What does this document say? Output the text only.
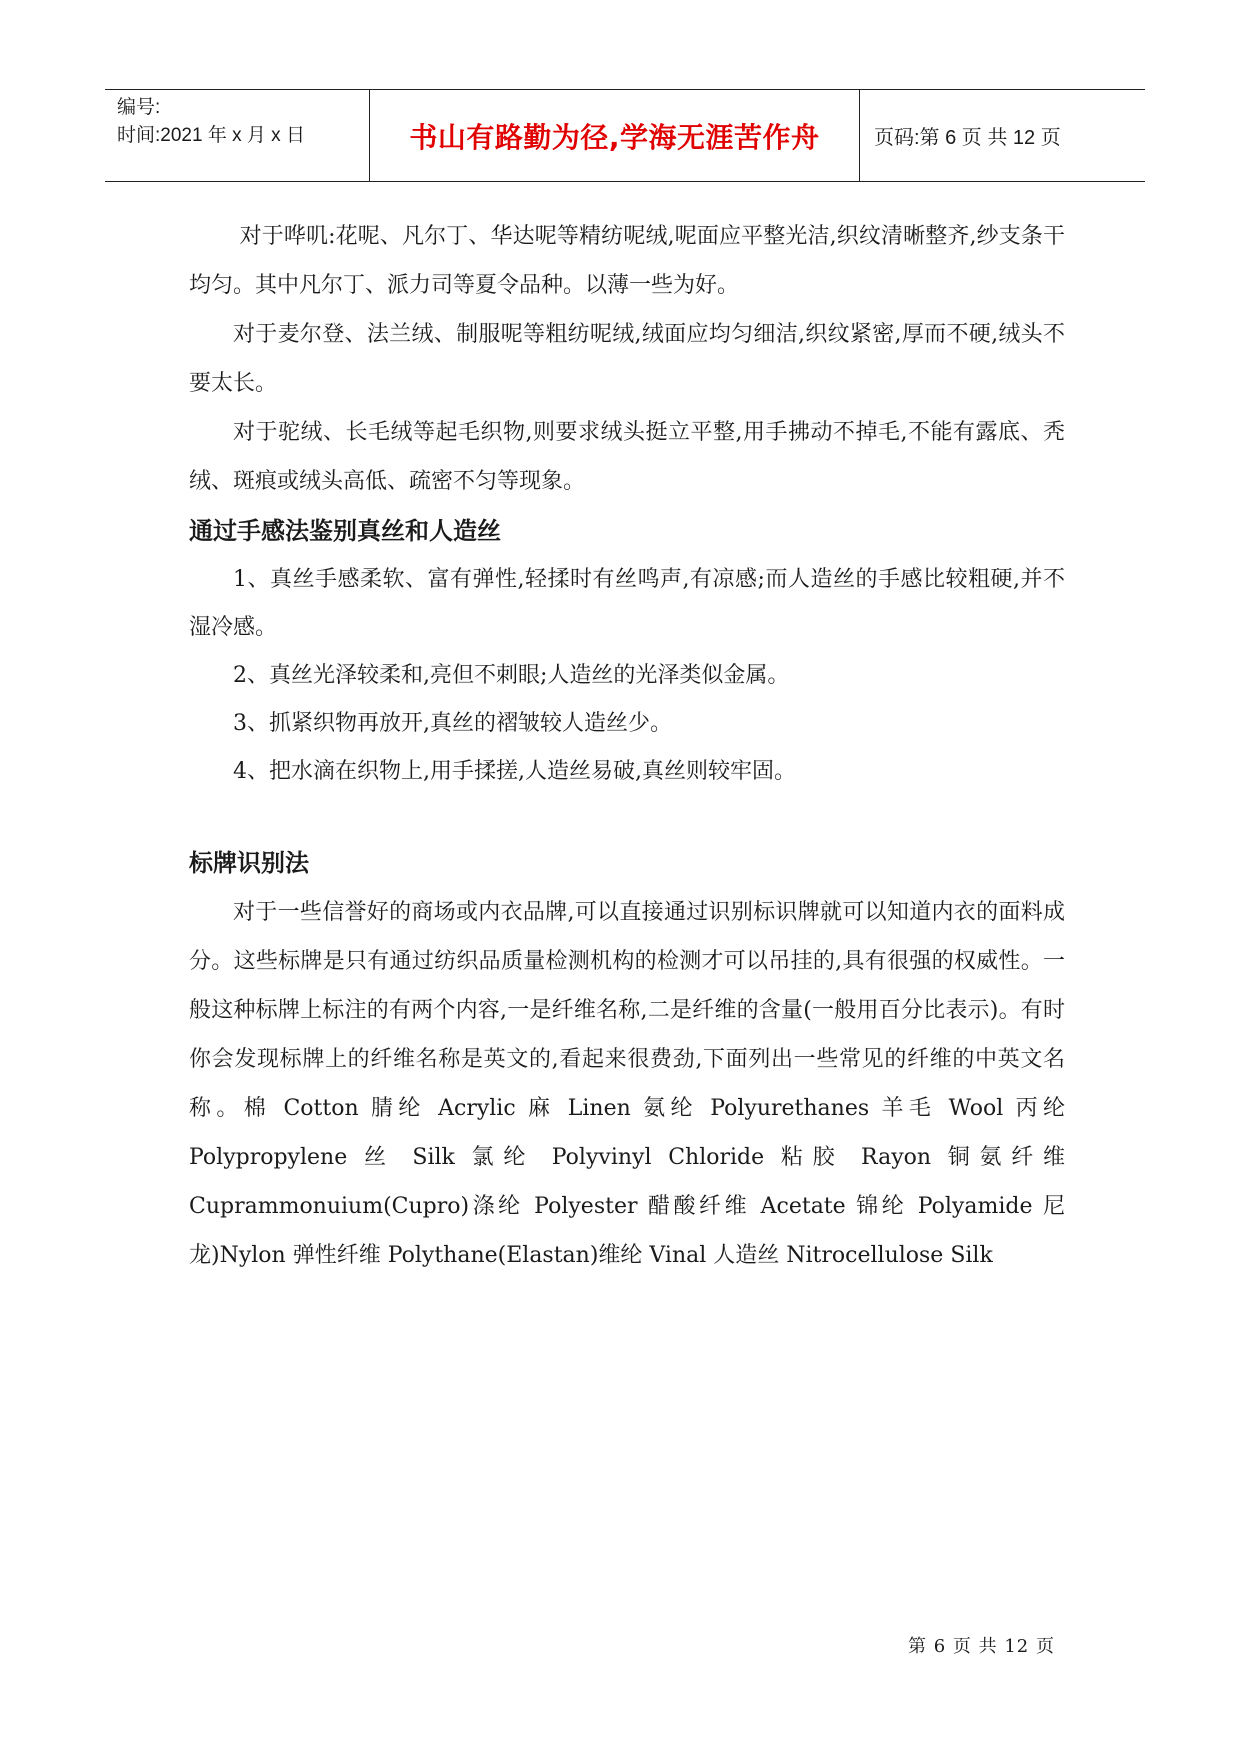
编号:
时间:2021 年 x 月 x 日	书山有路勤为径,学海无涯苦作舟	页码:第 6 页 共 12 页

对于哗叽:花呢、凡尔丁、华达呢等精纺呢绒,呢面应平整光洁,织纹清晰整齐,纱支条干均匀。其中凡尔丁、派力司等夏令品种。以薄一些为好。

对于麦尔登、法兰绒、制服呢等粗纺呢绒,绒面应均匀细洁,织纹紧密,厚而不硬,绒头不要太长。

对于驼绒、长毛绒等起毛织物,则要求绒头挺立平整,用手拂动不掉毛,不能有露底、秃绒、斑痕或绒头高低、疏密不匀等现象。

通过手感法鉴别真丝和人造丝

1、真丝手感柔软、富有弹性,轻揉时有丝鸣声,有凉感;而人造丝的手感比较粗硬,并不湿冷感。

2、真丝光泽较柔和,亮但不刺眼;人造丝的光泽类似金属。

3、抓紧织物再放开,真丝的褶皱较人造丝少。

4、把水滴在织物上,用手揉搓,人造丝易破,真丝则较牢固。

标牌识别法

对于一些信誉好的商场或内衣品牌,可以直接通过识别标识牌就可以知道内衣的面料成分。这些标牌是只有通过纺织品质量检测机构的检测才可以吊挂的,具有很强的权威性。一般这种标牌上标注的有两个内容,一是纤维名称,二是纤维的含量(一般用百分比表示)。有时你会发现标牌上的纤维名称是英文的,看起来很费劲,下面列出一些常见的纤维的中英文名称。棉 Cotton 腈纶 Acrylic 麻 Linen 氨纶 Polyurethanes 羊毛 Wool 丙纶 Polypropylene 丝 Silk 氯纶 Polyvinyl Chloride 粘胶 Rayon 铜氨纤维 Cuprammonuium(Cupro)涤纶 Polyester 醋酸纤维 Acetate 锦纶 Polyamide 尼龙)Nylon 弹性纤维 Polythane(Elastan)维纶 Vinal 人造丝 Nitrocellulose Silk

第 6 页 共 12 页
